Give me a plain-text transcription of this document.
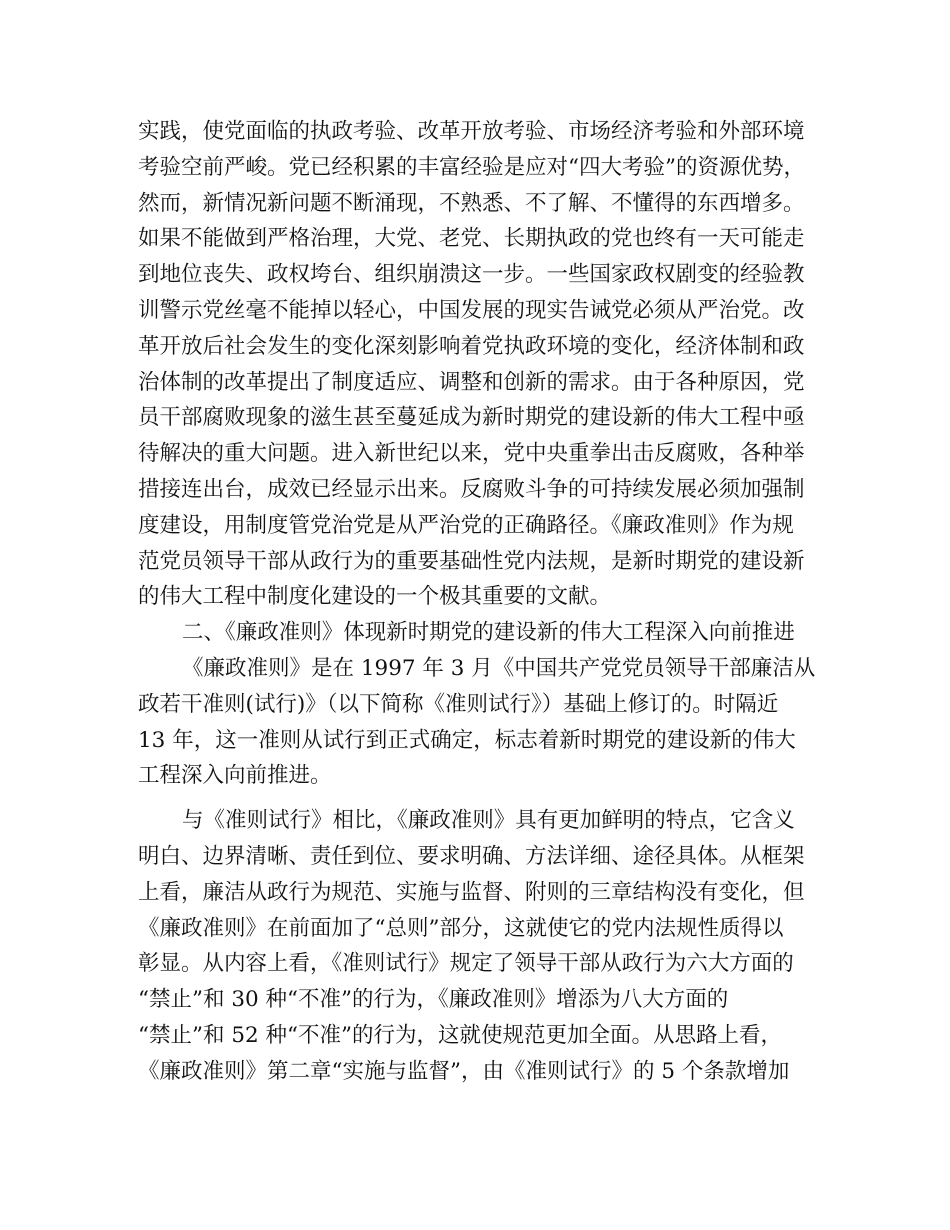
实践，使党面临的执政考验、改革开放考验、市场经济考验和外部环境
考验空前严峻。党已经积累的丰富经验是应对“四大考验”的资源优势，
然而，新情况新问题不断涌现，不熟悉、不了解、不懂得的东西增多。
如果不能做到严格治理，大党、老党、长期执政的党也终有一天可能走
到地位丧失、政权垮台、组织崩溃这一步。一些国家政权剧变的经验教
训警示党丝毫不能掉以轻心，中国发展的现实告诫党必须从严治党。改
革开放后社会发生的变化深刻影响着党执政环境的变化，经济体制和政
治体制的改革提出了制度适应、调整和创新的需求。由于各种原因，党
员干部腐败现象的滋生甚至蔓延成为新时期党的建设新的伟大工程中亟
待解决的重大问题。进入新世纪以来，党中央重拳出击反腐败，各种举
措接连出台，成效已经显示出来。反腐败斗争的可持续发展必须加强制
度建设，用制度管党治党是从严治党的正确路径。《廉政准则》作为规
范党员领导干部从政行为的重要基础性党内法规，是新时期党的建设新
的伟大工程中制度化建设的一个极其重要的文献。
二、《廉政准则》体现新时期党的建设新的伟大工程深入向前推进
《廉政准则》是在 1997 年 3 月《中国共产党党员领导干部廉洁从
政若干准则(试行)》（以下简称《准则试行》）基础上修订的。时隔近
13 年，这一准则从试行到正式确定，标志着新时期党的建设新的伟大
工程深入向前推进。
与《准则试行》相比，《廉政准则》具有更加鲜明的特点，它含义
明白、边界清晰、责任到位、要求明确、方法详细、途径具体。从框架
上看，廉洁从政行为规范、实施与监督、附则的三章结构没有变化，但
《廉政准则》在前面加了“总则”部分，这就使它的党内法规性质得以
彰显。从内容上看，《准则试行》规定了领导干部从政行为六大方面的
“禁止”和 30 种“不准”的行为，《廉政准则》增添为八大方面的
“禁止”和 52 种“不准”的行为，这就使规范更加全面。从思路上看，
《廉政准则》第二章“实施与监督”，由《准则试行》的 5 个条款增加
